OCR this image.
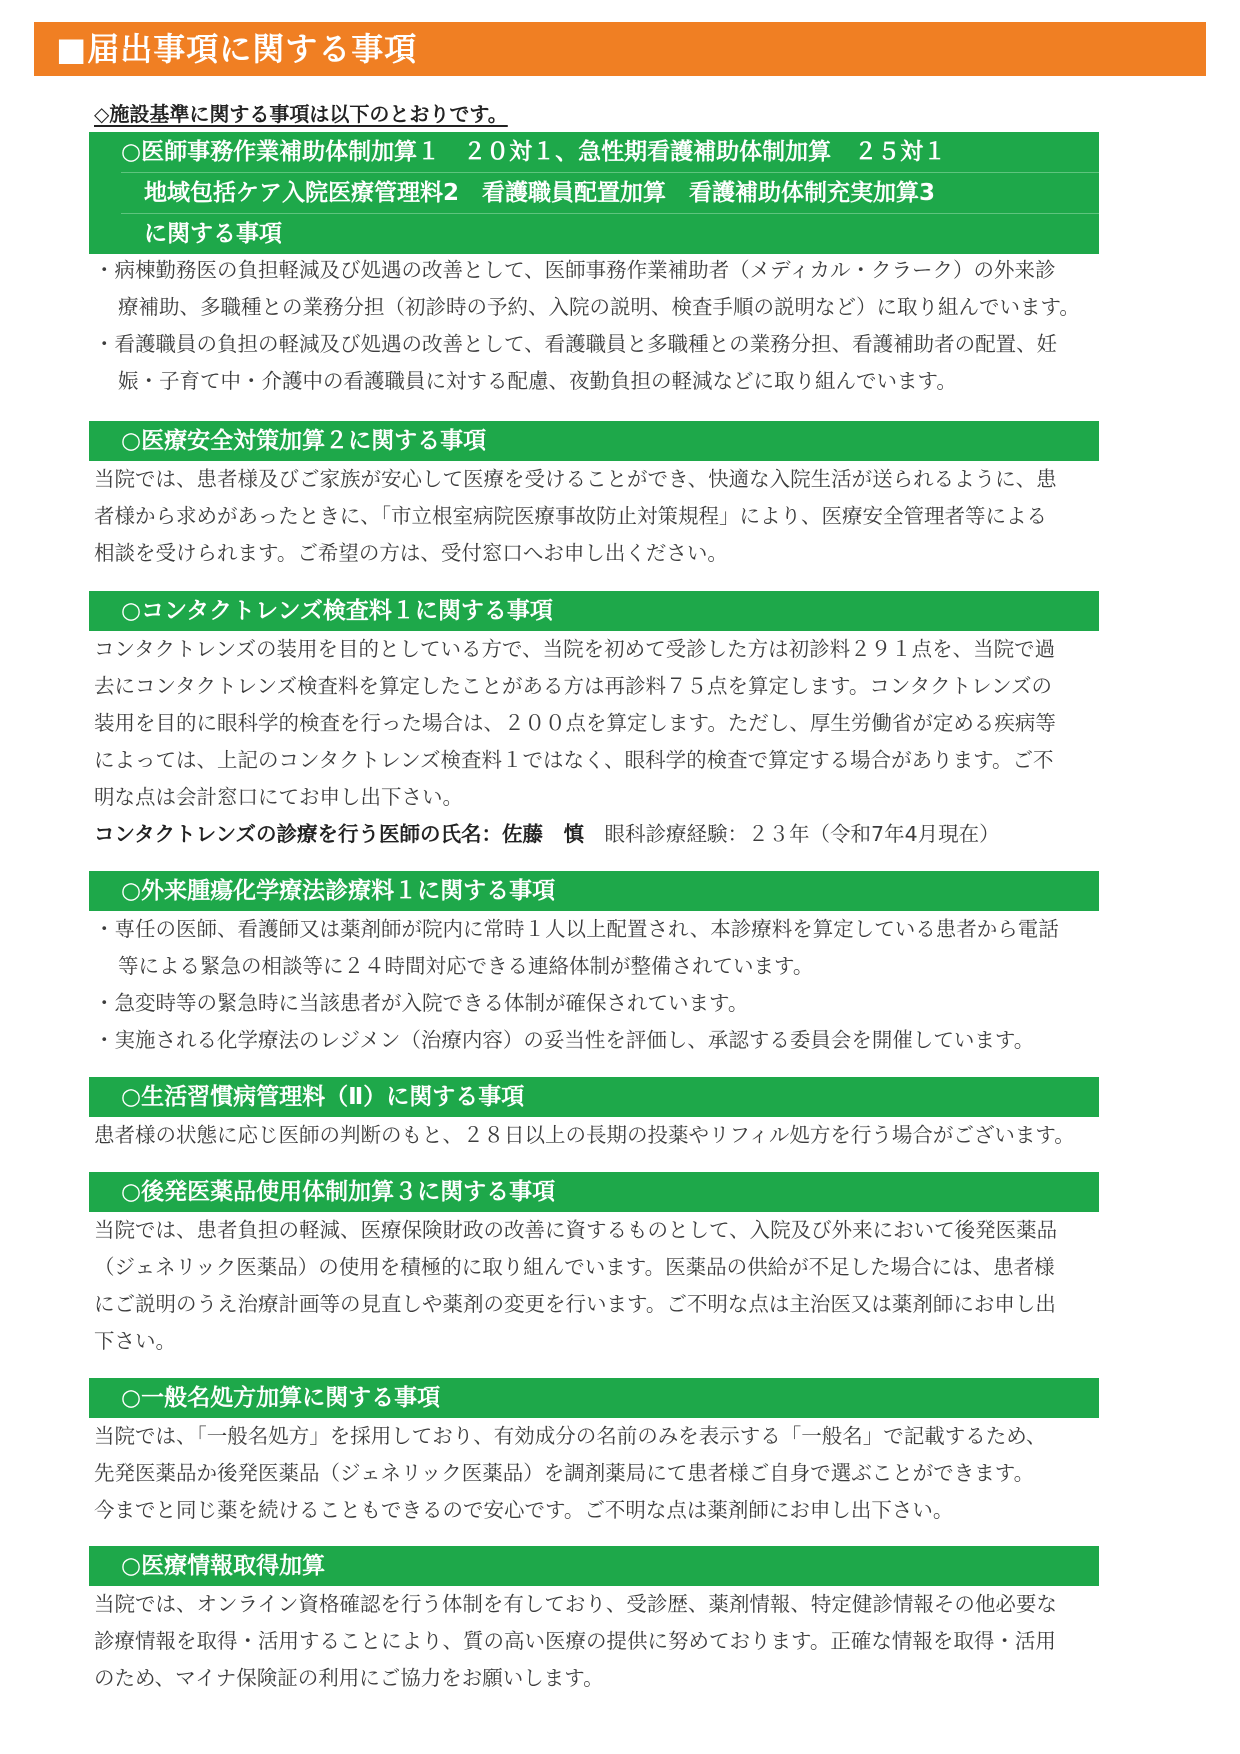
■届出事項に関する事項
◇施設基準に関する事項は以下のとおりです。
○医師事務作業補助体制加算１　２０対１、急性期看護補助体制加算　２５対１
地域包括ケア入院医療管理料2　看護職員配置加算　看護補助体制充実加算3
に関する事項
・病棟勤務医の負担軽減及び処遇の改善として、医師事務作業補助者（メディカル・クラーク）の外来診
療補助、多職種との業務分担（初診時の予約、入院の説明、検査手順の説明など）に取り組んでいます。
・看護職員の負担の軽減及び処遇の改善として、看護職員と多職種との業務分担、看護補助者の配置、妊
娠・子育て中・介護中の看護職員に対する配慮、夜勤負担の軽減などに取り組んでいます。
○医療安全対策加算２に関する事項
当院では、患者様及びご家族が安心して医療を受けることができ、快適な入院生活が送られるように、患
者様から求めがあったときに、「市立根室病院医療事故防止対策規程」により、医療安全管理者等による
相談を受けられます。ご希望の方は、受付窓口へお申し出ください。
○コンタクトレンズ検査料１に関する事項
コンタクトレンズの装用を目的としている方で、当院を初めて受診した方は初診料２９１点を、当院で過
去にコンタクトレンズ検査料を算定したことがある方は再診料７５点を算定します。コンタクトレンズの
装用を目的に眼科学的検査を行った場合は、２００点を算定します。ただし、厚生労働省が定める疾病等
によっては、上記のコンタクトレンズ検査料１ではなく、眼科学的検査で算定する場合があります。ご不
明な点は会計窓口にてお申し出下さい。
コンタクトレンズの診療を行う医師の氏名：佐藤　慎　眼科診療経験：２３年（令和7年4月現在）
○外来腫瘍化学療法診療料１に関する事項
・専任の医師、看護師又は薬剤師が院内に常時１人以上配置され、本診療料を算定している患者から電話
等による緊急の相談等に２４時間対応できる連絡体制が整備されています。
・急変時等の緊急時に当該患者が入院できる体制が確保されています。
・実施される化学療法のレジメン（治療内容）の妥当性を評価し、承認する委員会を開催しています。
○生活習慣病管理料（Ⅱ）に関する事項
患者様の状態に応じ医師の判断のもと、２８日以上の長期の投薬やリフィル処方を行う場合がございます。
○後発医薬品使用体制加算３に関する事項
当院では、患者負担の軽減、医療保険財政の改善に資するものとして、入院及び外来において後発医薬品
（ジェネリック医薬品）の使用を積極的に取り組んでいます。医薬品の供給が不足した場合には、患者様
にご説明のうえ治療計画等の見直しや薬剤の変更を行います。ご不明な点は主治医又は薬剤師にお申し出
下さい。
○一般名処方加算に関する事項
当院では、「一般名処方」を採用しており、有効成分の名前のみを表示する「一般名」で記載するため、
先発医薬品か後発医薬品（ジェネリック医薬品）を調剤薬局にて患者様ご自身で選ぶことができます。
今までと同じ薬を続けることもできるので安心です。ご不明な点は薬剤師にお申し出下さい。
○医療情報取得加算
当院では、オンライン資格確認を行う体制を有しており、受診歴、薬剤情報、特定健診情報その他必要な
診療情報を取得・活用することにより、質の高い医療の提供に努めております。正確な情報を取得・活用
のため、マイナ保険証の利用にご協力をお願いします。
